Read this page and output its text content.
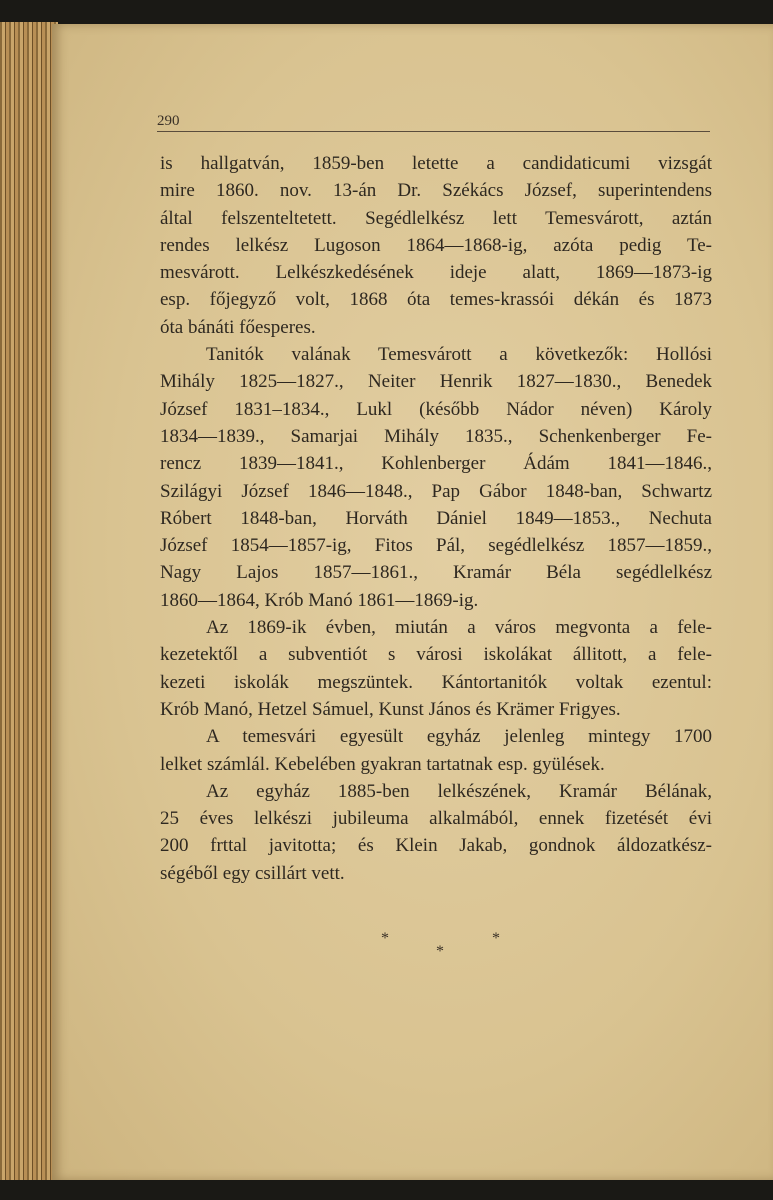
290
is hallgatván, 1859-ben letette a candidaticumi vizsgát
mire 1860. nov. 13-án Dr. Székács József, superintendens
által felszenteltetett. Segédlelkész lett Temesvárott, aztán
rendes lelkész Lugoson 1864—1868-ig, azóta pedig Te-
mesvárott. Lelkészkedésének ideje alatt, 1869—1873-ig
esp. főjegyző volt, 1868 óta temes-krassói dékán és 1873
óta bánáti főesperes.
Tanitók valának Temesvárott a következők: Hollósi
Mihály 1825—1827., Neiter Henrik 1827—1830., Benedek
József 1831–1834., Lukl (később Nádor néven) Károly
1834—1839., Samarjai Mihály 1835., Schenkenberger Fe-
rencz 1839—1841., Kohlenberger Ádám 1841—1846.,
Szilágyi József 1846—1848., Pap Gábor 1848-ban, Schwartz
Róbert 1848-ban, Horváth Dániel 1849—1853., Nechuta
József 1854—1857-ig, Fitos Pál, segédlelkész 1857—1859.,
Nagy Lajos 1857—1861., Kramár Béla segédlelkész
1860—1864, Krób Manó 1861—1869-ig.
Az 1869-ik évben, miután a város megvonta a fele-
kezetektől a subventiót s városi iskolákat állitott, a fele-
kezeti iskolák megszüntek. Kántortanitók voltak ezentul:
Krób Manó, Hetzel Sámuel, Kunst János és Krämer Frigyes.
A temesvári egyesült egyház jelenleg mintegy 1700
lelket számlál. Kebelében gyakran tartatnak esp. gyülések.
Az egyház 1885-ben lelkészének, Kramár Bélának,
25 éves lelkészi jubileuma alkalmából, ennek fizetését évi
200 frttal javitotta; és Klein Jakab, gondnok áldozatkész-
ségéből egy csillárt vett.
*	*
*
